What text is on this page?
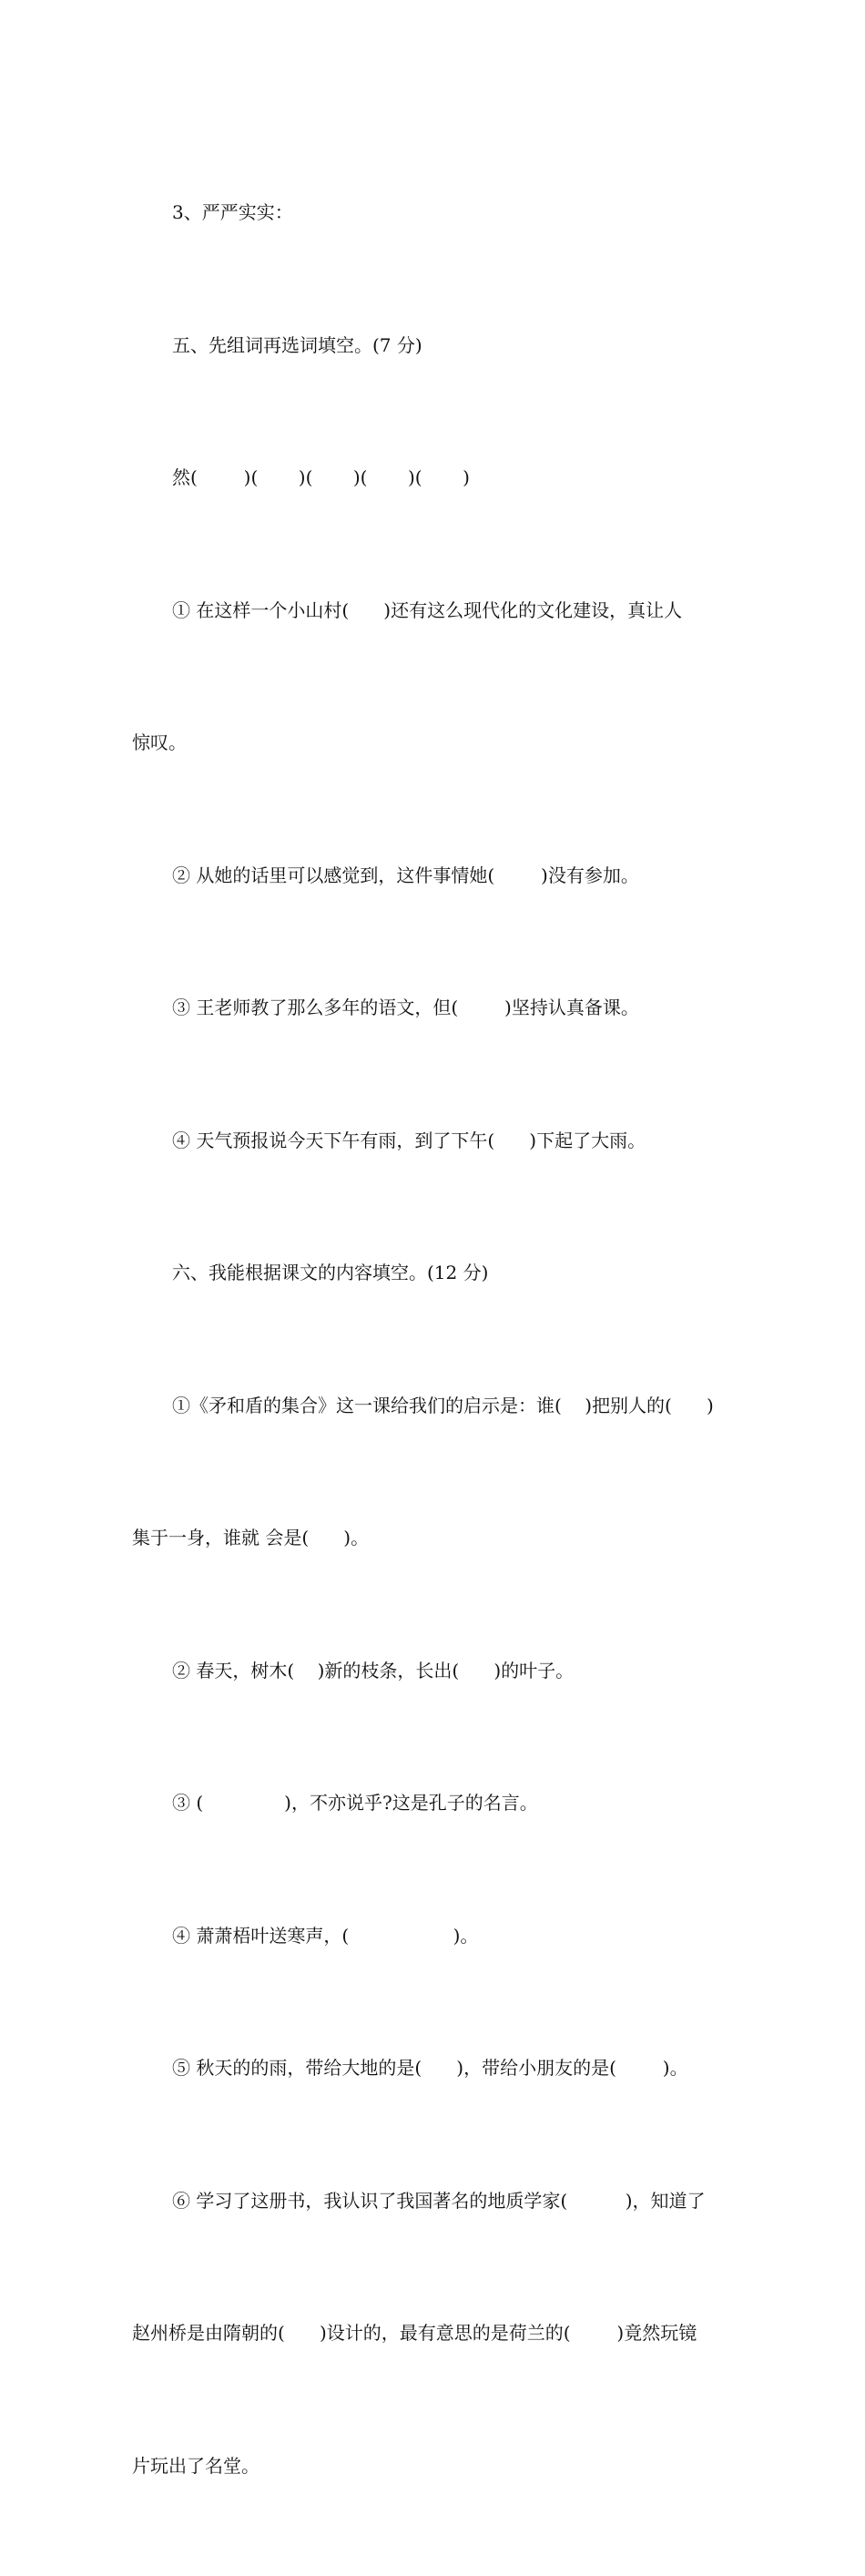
3、严严实实：

五、先组词再选词填空。(7 分)

然(        )(       )(       )(       )(       )

① 在这样一个小山村(      )还有这么现代化的文化建设，真让人

惊叹。

② 从她的话里可以感觉到，这件事情她(        )没有参加。

③ 王老师教了那么多年的语文，但(        )坚持认真备课。

④ 天气预报说今天下午有雨，到了下午(      )下起了大雨。

六、我能根据课文的内容填空。(12 分)

①《矛和盾的集合》这一课给我们的启示是：谁(    )把别人的(      )

集于一身，谁就 会是(      )。

② 春天，树木(    )新的枝条，长出(      )的叶子。

③ (              )，不亦说乎?这是孔子的名言。

④ 萧萧梧叶送寒声，(                  )。

⑤ 秋天的的雨，带给大地的是(      )，带给小朋友的是(        )。

⑥ 学习了这册书，我认识了我国著名的地质学家(          )，知道了

赵州桥是由隋朝的(      )设计的，最有意思的是荷兰的(        )竟然玩镜

片玩出了名堂。
